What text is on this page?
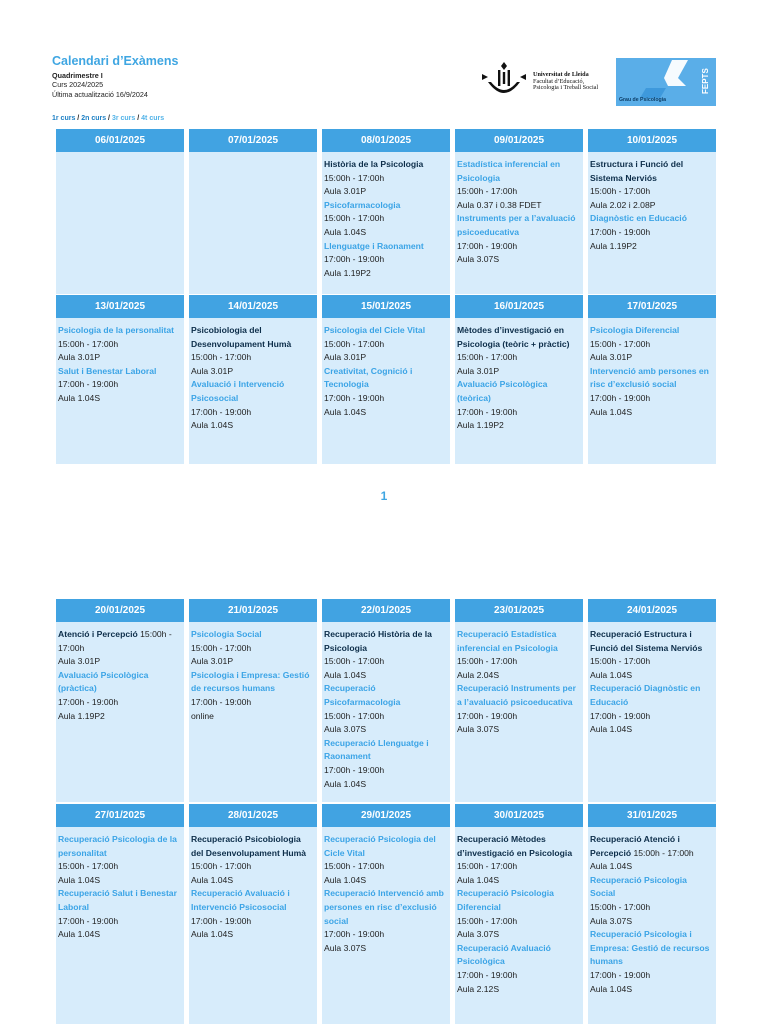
Calendari d’Exàmens
Quadrimestre I
Curs 2024/2025
Última actualització 16/9/2024
1r curs / 2n curs / 3r curs / 4t curs
Universitat de Lleida
Facultat d’Educació,
Psicologia i Treball Social
Grau de Psicologia
FEPTS
06/01/2025	07/01/2025	08/01/2025
Història de la Psicologia
15:00h - 17:00h
Aula 3.01P
Psicofarmacologia
15:00h - 17:00h
Aula 1.04S
Llenguatge i Raonament
17:00h - 19:00h
Aula 1.19P2
09/01/2025
Estadística inferencial en Psicologia
15:00h - 17:00h
Aula 0.37 i 0.38 FDET
Instruments per a l’avaluació psicoeducativa
17:00h - 19:00h
Aula 3.07S
10/01/2025
Estructura i Funció del Sistema Nerviós
15:00h - 17:00h
Aula 2.02 i 2.08P
Diagnòstic en Educació
17:00h - 19:00h
Aula 1.19P2
13/01/2025
Psicologia de la personalitat
15:00h - 17:00h
Aula 3.01P
Salut i Benestar Laboral
17:00h - 19:00h
Aula 1.04S
14/01/2025
Psicobiologia del Desenvolupament Humà
15:00h - 17:00h
Aula 3.01P
Avaluació i Intervenció Psicosocial
17:00h - 19:00h
Aula 1.04S
15/01/2025
Psicologia del Cicle Vital
15:00h - 17:00h
Aula 3.01P
Creativitat, Cognició i Tecnologia
17:00h - 19:00h
Aula 1.04S
16/01/2025
Mètodes d’investigació en Psicologia (teòric + pràctic)
15:00h - 17:00h
Aula 3.01P
Avaluació Psicològica (teòrica)
17:00h - 19:00h
Aula 1.19P2
17/01/2025
Psicologia Diferencial
15:00h - 17:00h
Aula 3.01P
Intervenció amb persones en risc d’exclusió social
17:00h - 19:00h
Aula 1.04S
1
20/01/2025
Atenció i Percepció 15:00h - 17:00h
Aula 3.01P
Avaluació Psicològica (pràctica)
17:00h - 19:00h
Aula 1.19P2
21/01/2025
Psicologia Social
15:00h - 17:00h
Aula 3.01P
Psicologia i Empresa: Gestió de recursos humans
17:00h - 19:00h
online
22/01/2025
Recuperació Història de la Psicologia
15:00h - 17:00h
Aula 1.04S
Recuperació Psicofarmacologia
15:00h - 17:00h
Aula 3.07S
Recuperació Llenguatge i Raonament
17:00h - 19:00h
Aula 1.04S
23/01/2025
Recuperació Estadística inferencial en Psicologia
15:00h - 17:00h
Aula 2.04S
Recuperació Instruments per a l’avaluació psicoeducativa
17:00h - 19:00h
Aula 3.07S
24/01/2025
Recuperació Estructura i Funció del Sistema Nerviós
15:00h - 17:00h
Aula 1.04S
Recuperació Diagnòstic en Educació
17:00h - 19:00h
Aula 1.04S
27/01/2025
Recuperació Psicologia de la personalitat
15:00h - 17:00h
Aula 1.04S
Recuperació Salut i Benestar Laboral
17:00h - 19:00h
Aula 1.04S
28/01/2025
Recuperació Psicobiologia del Desenvolupament Humà
15:00h - 17:00h
Aula 1.04S
Recuperació Avaluació i Intervenció Psicosocial
17:00h - 19:00h
Aula 1.04S
29/01/2025
Recuperació Psicologia del Cicle Vital
15:00h - 17:00h
Aula 1.04S
Recuperació Intervenció amb persones en risc d’exclusió social
17:00h - 19:00h
Aula 3.07S
30/01/2025
Recuperació Mètodes d’investigació en Psicologia
15:00h - 17:00h
Aula 1.04S
Recuperació Psicologia Diferencial
15:00h - 17:00h
Aula 3.07S
Recuperació Avaluació Psicològica
17:00h - 19:00h
Aula 2.12S
31/01/2025
Recuperació Atenció i Percepció 15:00h - 17:00h
Aula 1.04S
Recuperació Psicologia Social
15:00h - 17:00h
Aula 3.07S
Recuperació Psicologia i Empresa: Gestió de recursos humans
17:00h - 19:00h
Aula 1.04S
